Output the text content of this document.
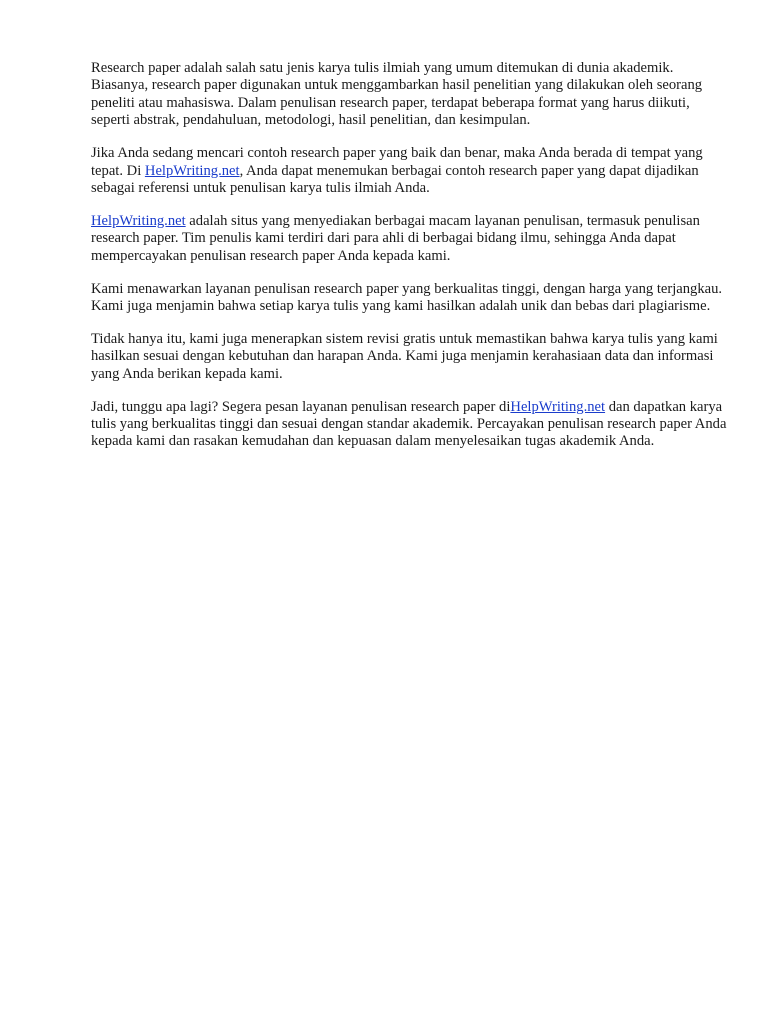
Research paper adalah salah satu jenis karya tulis ilmiah yang umum ditemukan di dunia akademik. Biasanya, research paper digunakan untuk menggambarkan hasil penelitian yang dilakukan oleh seorang peneliti atau mahasiswa. Dalam penulisan research paper, terdapat beberapa format yang harus diikuti, seperti abstrak, pendahuluan, metodologi, hasil penelitian, dan kesimpulan.

Jika Anda sedang mencari contoh research paper yang baik dan benar, maka Anda berada di tempat yang tepat. Di HelpWriting.net, Anda dapat menemukan berbagai contoh research paper yang dapat dijadikan sebagai referensi untuk penulisan karya tulis ilmiah Anda.

HelpWriting.net adalah situs yang menyediakan berbagai macam layanan penulisan, termasuk penulisan research paper. Tim penulis kami terdiri dari para ahli di berbagai bidang ilmu, sehingga Anda dapat mempercayakan penulisan research paper Anda kepada kami.

Kami menawarkan layanan penulisan research paper yang berkualitas tinggi, dengan harga yang terjangkau. Kami juga menjamin bahwa setiap karya tulis yang kami hasilkan adalah unik dan bebas dari plagiarisme.

Tidak hanya itu, kami juga menerapkan sistem revisi gratis untuk memastikan bahwa karya tulis yang kami hasilkan sesuai dengan kebutuhan dan harapan Anda. Kami juga menjamin kerahasiaan data dan informasi yang Anda berikan kepada kami.

Jadi, tunggu apa lagi? Segera pesan layanan penulisan research paper diHelpWriting.net dan dapatkan karya tulis yang berkualitas tinggi dan sesuai dengan standar akademik. Percayakan penulisan research paper Anda kepada kami dan rasakan kemudahan dan kepuasan dalam menyelesaikan tugas akademik Anda.
